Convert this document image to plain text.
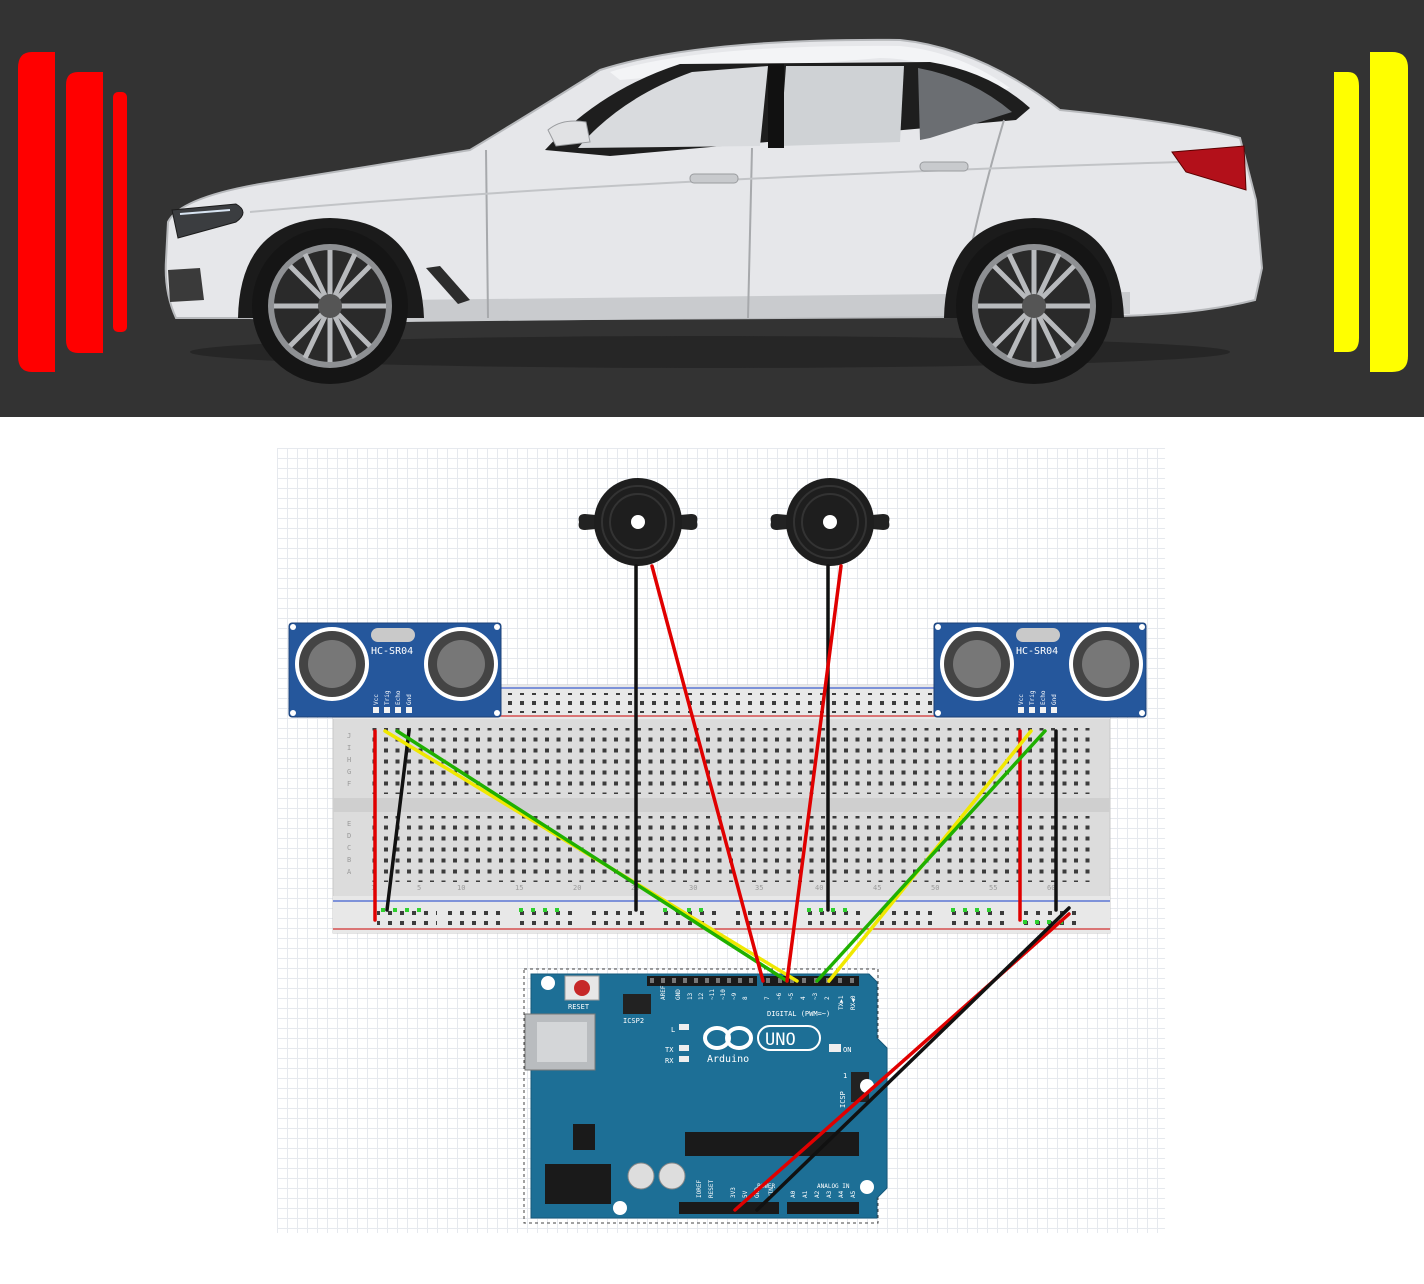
J
I
H
G
F
E
D
C
B
A
1	5	10	15	20	25	30	35	40	45	50	55	60
RESET
ICSP2
AREF GND 13 12 ~11 ~10 ~9 8	7 ~6 ~5 4 ~3 2 TX▶1 RX◀0
DIGITAL (PWM=~)
L
TX
RX
UNO
Arduino
ON
ICSP
1
IOREF RESET	3V3 5V GND VIN	A0 A1 A2 A3 A4 A5
POWER	ANALOG IN
HC-SR04
Vcc Trig Echo Gnd
HC-SR04
Vcc Trig Echo Gnd
